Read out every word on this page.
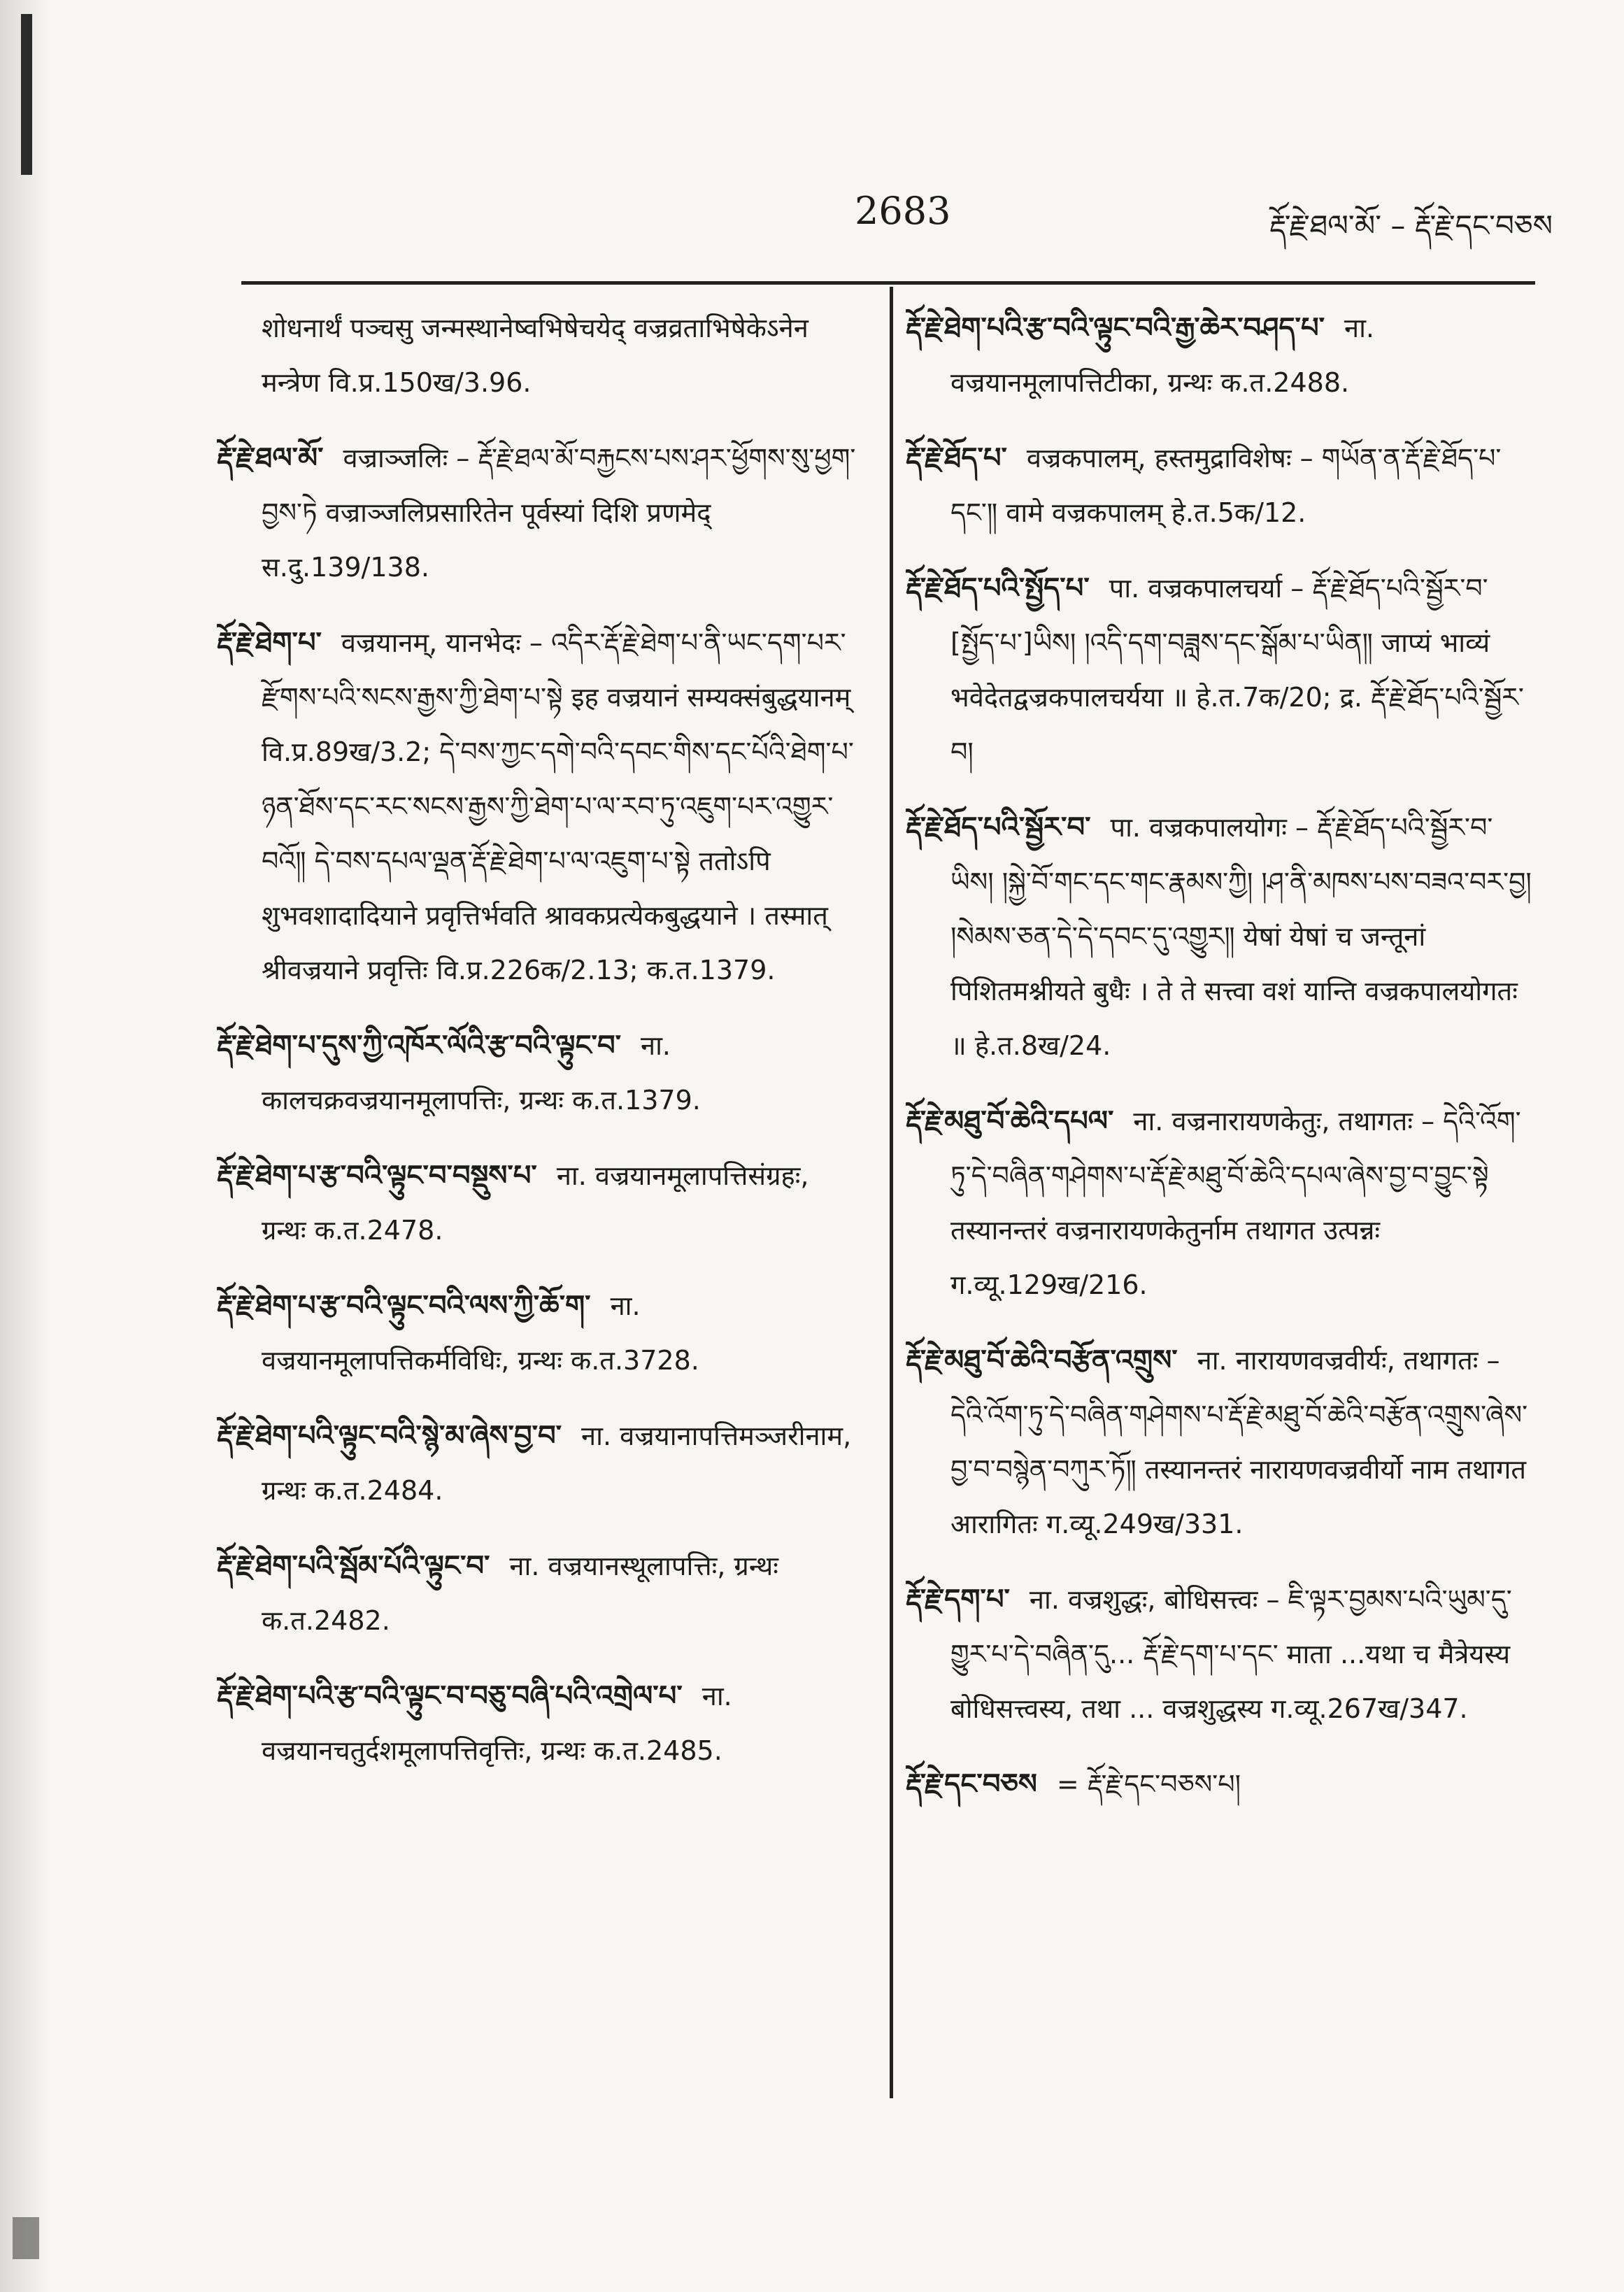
2683	རྡོ་རྗེ་ཐལ་མོ་ – རྡོ་རྗེ་དང་བཅས

शोधनार्थं पञ्चसु जन्मस्थानेष्वभिषेचयेद् वज्रव्रताभिषेकेऽनेन मन्त्रेण वि.प्र.150ख/3.96.

རྡོ་རྗེ་ཐལ་མོ་ वज्राञ्जलिः – རྡོ་རྗེ་ཐལ་མོ་བརྐྱངས་པས་ཤར་ཕྱོགས་སུ་ཕྱག་བྱས་ཏེ वज्राञ्जलिप्रसारितेन पूर्वस्यां दिशि प्रणमेद् स.दु.139/138.

རྡོ་རྗེ་ཐེག་པ་ वज्रयानम्, यानभेदः – འདིར་རྡོ་རྗེ་ཐེག་པ་ནི་ཡང་དག་པར་རྫོགས་པའི་སངས་རྒྱས་ཀྱི་ཐེག་པ་སྟེ इह वज्रयानं सम्यक्संबुद्धयानम् वि.प्र.89ख/3.2; དེ་བས་ཀྱང་དགེ་བའི་དབང་གིས་དང་པོའི་ཐེག་པ་ཉན་ཐོས་དང་རང་སངས་རྒྱས་ཀྱི་ཐེག་པ་ལ་རབ་ཏུ་འཇུག་པར་འགྱུར་བའོ༎ དེ་བས་དཔལ་ལྡན་རྡོ་རྗེ་ཐེག་པ་ལ་འཇུག་པ་སྟེ ततोऽपि शुभवशादादियाने प्रवृत्तिर्भवति श्रावकप्रत्येकबुद्धयाने । तस्मात् श्रीवज्रयाने प्रवृत्तिः वि.प्र.226क/2.13; क.त.1379.

རྡོ་རྗེ་ཐེག་པ་དུས་ཀྱི་འཁོར་ལོའི་རྩ་བའི་ལྟུང་བ་ ना. कालचक्रवज्रयानमूलापत्तिः, ग्रन्थः क.त.1379.

རྡོ་རྗེ་ཐེག་པ་རྩ་བའི་ལྟུང་བ་བསྡུས་པ་ ना. वज्रयानमूलापत्तिसंग्रहः, ग्रन्थः क.त.2478.

རྡོ་རྗེ་ཐེག་པ་རྩ་བའི་ལྟུང་བའི་ལས་ཀྱི་ཆོ་ག་ ना. वज्रयानमूलापत्तिकर्मविधिः, ग्रन्थः क.त.3728.

རྡོ་རྗེ་ཐེག་པའི་ལྟུང་བའི་སྙེ་མ་ཞེས་བྱ་བ་ ना. वज्रयानापत्तिमञ्जरीनाम, ग्रन्थः क.त.2484.

རྡོ་རྗེ་ཐེག་པའི་སྦོམ་པོའི་ལྟུང་བ་ ना. वज्रयानस्थूलापत्तिः, ग्रन्थः क.त.2482.

རྡོ་རྗེ་ཐེག་པའི་རྩ་བའི་ལྟུང་བ་བཅུ་བཞི་པའི་འགྲེལ་པ་ ना. वज्रयानचतुर्दशमूलापत्तिवृत्तिः, ग्रन्थः क.त.2485.

རྡོ་རྗེ་ཐེག་པའི་རྩ་བའི་ལྟུང་བའི་རྒྱ་ཆེར་བཤད་པ་ ना. वज्रयानमूलापत्तिटीका, ग्रन्थः क.त.2488.

རྡོ་རྗེ་ཐོད་པ་ वज्रकपालम्, हस्तमुद्राविशेषः – གཡོན་ན་རྡོ་རྗེ་ཐོད་པ་དང་༎ वामे वज्रकपालम् हे.त.5क/12.

རྡོ་རྗེ་ཐོད་པའི་སྤྱོད་པ་ पा. वज्रकपालचर्या – རྡོ་རྗེ་ཐོད་པའི་སྦྱོར་བ་[སྤྱོད་པ་]ཡིས། །འདི་དག་བཟླས་དང་སྒོམ་པ་ཡིན༎ जाप्यं भाव्यं भवेदेतद्वज्रकपालचर्यया ॥ हे.त.7क/20; द्र. རྡོ་རྗེ་ཐོད་པའི་སྦྱོར་བ།

རྡོ་རྗེ་ཐོད་པའི་སྦྱོར་བ་ पा. वज्रकपालयोगः – རྡོ་རྗེ་ཐོད་པའི་སྦྱོར་བ་ཡིས། །སྐྱེ་བོ་གང་དང་གང་རྣམས་ཀྱི། །ཤ་ནི་མཁས་པས་བཟའ་བར་བྱ། །སེམས་ཅན་དེ་དེ་དབང་དུ་འགྱུར༎ येषां येषां च जन्तूनां पिशितमश्नीयते बुधैः । ते ते सत्त्वा वशं यान्ति वज्रकपालयोगतः ॥ हे.त.8ख/24.

རྡོ་རྗེ་མཐུ་བོ་ཆེའི་དཔལ་ ना. वज्रनारायणकेतुः, तथागतः – དེའི་འོག་ཏུ་དེ་བཞིན་གཤེགས་པ་རྡོ་རྗེ་མཐུ་བོ་ཆེའི་དཔལ་ཞེས་བྱ་བ་བྱུང་སྟེ तस्यानन्तरं वज्रनारायणकेतुर्नाम तथागत उत्पन्नः ग.व्यू.129ख/216.

རྡོ་རྗེ་མཐུ་བོ་ཆེའི་བརྩོན་འགྲུས་ ना. नारायणवज्रवीर्यः, तथागतः – དེའི་འོག་ཏུ་དེ་བཞིན་གཤེགས་པ་རྡོ་རྗེ་མཐུ་བོ་ཆེའི་བརྩོན་འགྲུས་ཞེས་བྱ་བ་བསྙེན་བཀུར་ཏོ༎ तस्यानन्तरं नारायणवज्रवीर्यो नाम तथागत आरागितः ग.व्यू.249ख/331.

རྡོ་རྗེ་དག་པ་ ना. वज्रशुद्धः, बोधिसत्त्वः – ཇི་ལྟར་བྱམས་པའི་ཡུམ་དུ་གྱུར་པ་དེ་བཞིན་དུ... རྡོ་རྗེ་དག་པ་དང་ माता ...यथा च मैत्रेयस्य बोधिसत्त्वस्य, तथा ... वज्रशुद्धस्य ग.व्यू.267ख/347.

རྡོ་རྗེ་དང་བཅས = རྡོ་རྗེ་དང་བཅས་པ།
